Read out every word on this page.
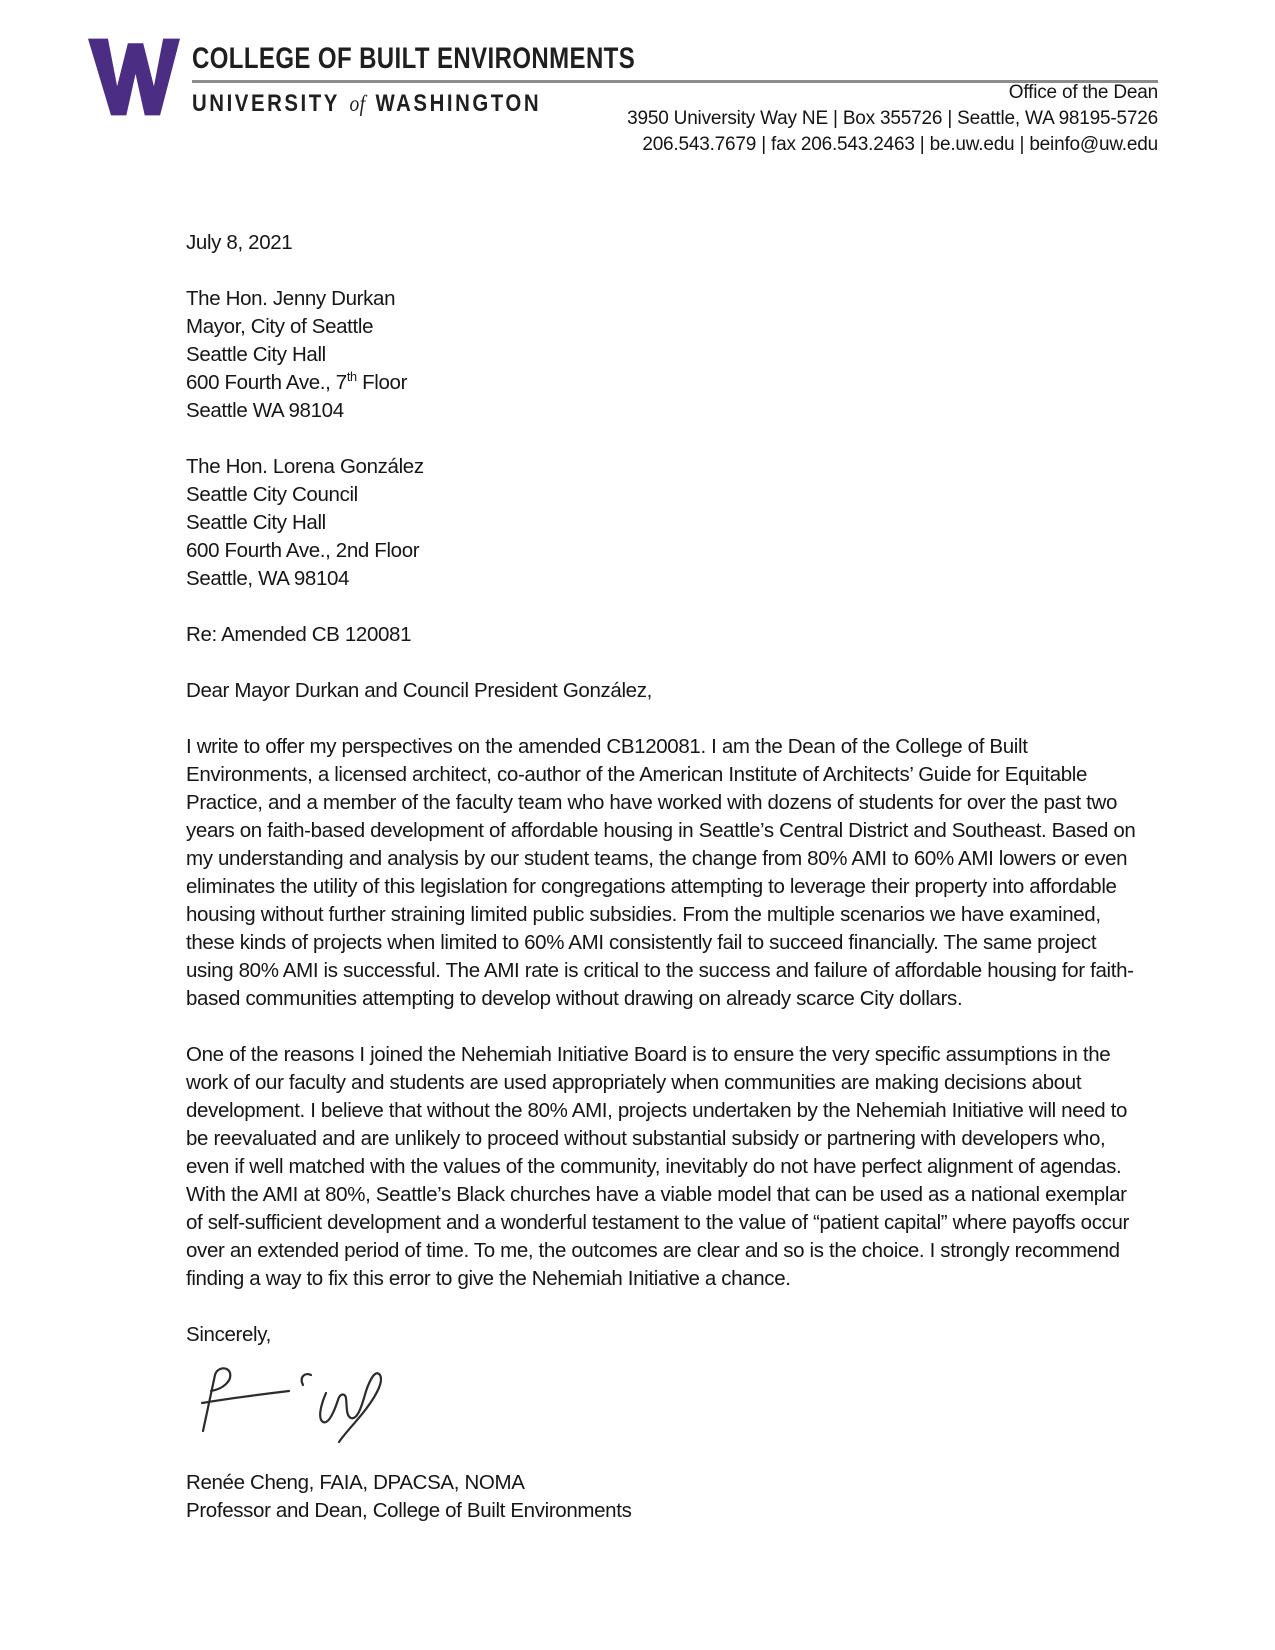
COLLEGE OF BUILT ENVIRONMENTS
UNIVERSITY of WASHINGTON	Office of the Dean
3950 University Way NE | Box 355726 | Seattle, WA 98195-5726
206.543.7679 | fax 206.543.2463 | be.uw.edu | beinfo@uw.edu
July 8, 2021
The Hon. Jenny Durkan
Mayor, City of Seattle
Seattle City Hall
600 Fourth Ave., 7th Floor
Seattle WA 98104
The Hon. Lorena González
Seattle City Council
Seattle City Hall
600 Fourth Ave., 2nd Floor
Seattle, WA 98104
Re: Amended CB 120081
Dear Mayor Durkan and Council President González,

I write to offer my perspectives on the amended CB120081. I am the Dean of the College of Built Environments, a licensed architect, co-author of the American Institute of Architects’ Guide for Equitable Practice, and a member of the faculty team who have worked with dozens of students for over the past two years on faith-based development of affordable housing in Seattle’s Central District and Southeast. Based on my understanding and analysis by our student teams, the change from 80% AMI to 60% AMI lowers or even eliminates the utility of this legislation for congregations attempting to leverage their property into affordable housing without further straining limited public subsidies. From the multiple scenarios we have examined, these kinds of projects when limited to 60% AMI consistently fail to succeed financially. The same project using 80% AMI is successful. The AMI rate is critical to the success and failure of affordable housing for faith-based communities attempting to develop without drawing on already scarce City dollars.

One of the reasons I joined the Nehemiah Initiative Board is to ensure the very specific assumptions in the work of our faculty and students are used appropriately when communities are making decisions about development. I believe that without the 80% AMI, projects undertaken by the Nehemiah Initiative will need to be reevaluated and are unlikely to proceed without substantial subsidy or partnering with developers who, even if well matched with the values of the community, inevitably do not have perfect alignment of agendas. With the AMI at 80%, Seattle’s Black churches have a viable model that can be used as a national exemplar of self-sufficient development and a wonderful testament to the value of “patient capital” where payoffs occur over an extended period of time. To me, the outcomes are clear and so is the choice. I strongly recommend finding a way to fix this error to give the Nehemiah Initiative a chance.

Sincerely,
Renée Cheng, FAIA, DPACSA, NOMA
Professor and Dean, College of Built Environments
